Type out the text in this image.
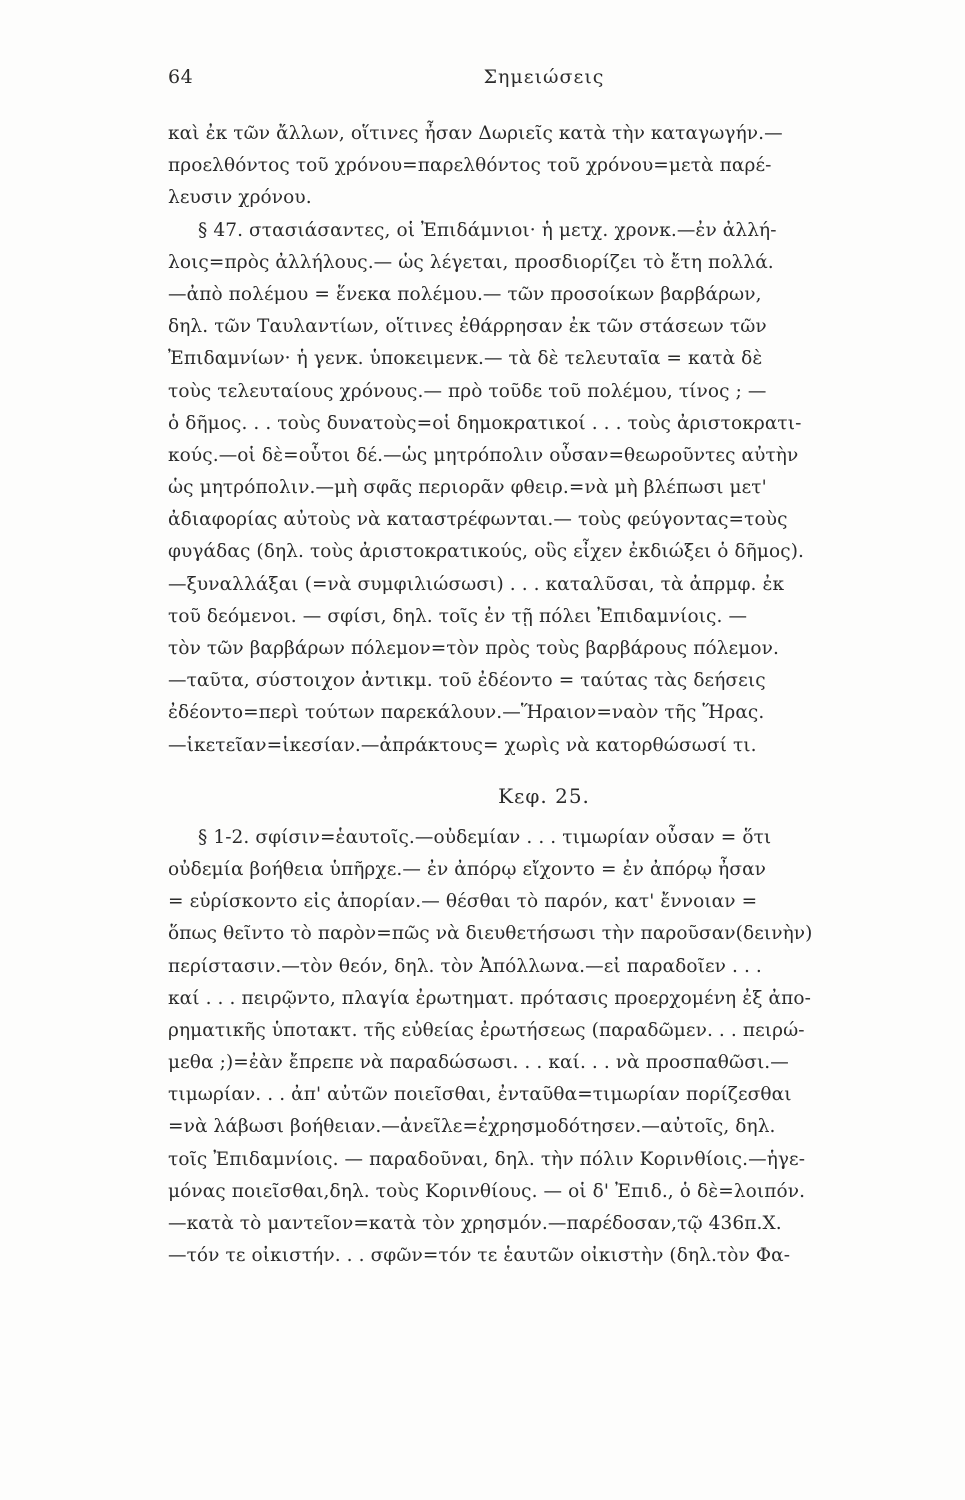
64	Σημειώσεις
καὶ ἐκ τῶν ἄλλων, οἵτινες ἦσαν Δωριεῖς κατὰ τὴν καταγωγήν.—
προελθόντος τοῦ χρόνου=παρελθόντος τοῦ χρόνου=μετὰ παρέ-
λευσιν χρόνου.
§ 47. στασιάσαντες, οἱ Ἐπιδάμνιοι· ἡ μετχ. χρονκ.—ἐν ἀλλή-
λοις=πρὸς ἀλλήλους.— ὡς λέγεται, προσδιορίζει τὸ ἔτη πολλά.
—ἀπὸ πολέμου = ἕνεκα πολέμου.— τῶν προσοίκων βαρβάρων,
δηλ. τῶν Ταυλαντίων, οἵτινες ἐθάρρησαν ἐκ τῶν στάσεων τῶν
Ἐπιδαμνίων· ἡ γενκ. ὑποκειμενκ.— τὰ δὲ τελευταῖα = κατὰ δὲ
τοὺς τελευταίους χρόνους.— πρὸ τοῦδε τοῦ πολέμου, τίνος ; —
ὁ δῆμος. . . τοὺς δυνατοὺς=οἱ δημοκρατικοί . . . τοὺς ἀριστοκρατι-
κούς.—οἱ δὲ=οὗτοι δέ.—ὡς μητρόπολιν οὖσαν=θεωροῦντες αὐτὴν
ὡς μητρόπολιν.—μὴ σφᾶς περιορᾶν φθειρ.=νὰ μὴ βλέπωσι μετ'
ἀδιαφορίας αὐτοὺς νὰ καταστρέφωνται.— τοὺς φεύγοντας=τοὺς
φυγάδας (δηλ. τοὺς ἀριστοκρατικούς, οὓς εἶχεν ἐκδιώξει ὁ δῆμος).
—ξυναλλάξαι (=νὰ συμφιλιώσωσι) . . . καταλῦσαι, τὰ ἀπρμφ. ἐκ
τοῦ δεόμενοι. — σφίσι, δηλ. τοῖς ἐν τῇ πόλει Ἐπιδαμνίοις. —
τὸν τῶν βαρβάρων πόλεμον=τὸν πρὸς τοὺς βαρβάρους πόλεμον.
—ταῦτα, σύστοιχον ἀντικμ. τοῦ ἐδέοντο = ταύτας τὰς δεήσεις
ἐδέοντο=περὶ τούτων παρεκάλουν.—Ἥραιον=ναὸν τῆς Ἥρας.
—ἱκετεῖαν=ἱκεσίαν.—ἀπράκτους= χωρὶς νὰ κατορθώσωσί τι.
Κεφ. 25.
§ 1-2. σφίσιν=ἑαυτοῖς.—οὐδεμίαν . . . τιμωρίαν οὖσαν = ὅτι
οὐδεμία βοήθεια ὑπῆρχε.— ἐν ἀπόρῳ εἴχοντο = ἐν ἀπόρῳ ἦσαν
= εὑρίσκοντο εἰς ἀπορίαν.— θέσθαι τὸ παρόν, κατ' ἔννοιαν =
ὅπως θεῖντο τὸ παρὸν=πῶς νὰ διευθετήσωσι τὴν παροῦσαν(δεινὴν)
περίστασιν.—τὸν θεόν, δηλ. τὸν Ἀπόλλωνα.—εἰ παραδοῖεν . . .
καί . . . πειρῷντο, πλαγία ἐρωτηματ. πρότασις προερχομένη ἐξ ἀπο-
ρηματικῆς ὑποτακτ. τῆς εὐθείας ἐρωτήσεως (παραδῶμεν. . . πειρώ-
μεθα ;)=ἐὰν ἔπρεπε νὰ παραδώσωσι. . . καί. . . νὰ προσπαθῶσι.—
τιμωρίαν. . . ἀπ' αὐτῶν ποιεῖσθαι, ἐνταῦθα=τιμωρίαν πορίζεσθαι
=νὰ λάβωσι βοήθειαν.—ἀνεῖλε=ἐχρησμοδότησεν.—αὐτοῖς, δηλ.
τοῖς Ἐπιδαμνίοις. — παραδοῦναι, δηλ. τὴν πόλιν Κορινθίοις.—ἡγε-
μόνας ποιεῖσθαι,δηλ. τοὺς Κορινθίους. — οἱ δ' Ἐπιδ., ὁ δὲ=λοιπόν.
—κατὰ τὸ μαντεῖον=κατὰ τὸν χρησμόν.—παρέδοσαν,τῷ 436π.Χ.
—τόν τε οἰκιστήν. . . σφῶν=τόν τε ἑαυτῶν οἰκιστὴν (δηλ.τὸν Φα-
